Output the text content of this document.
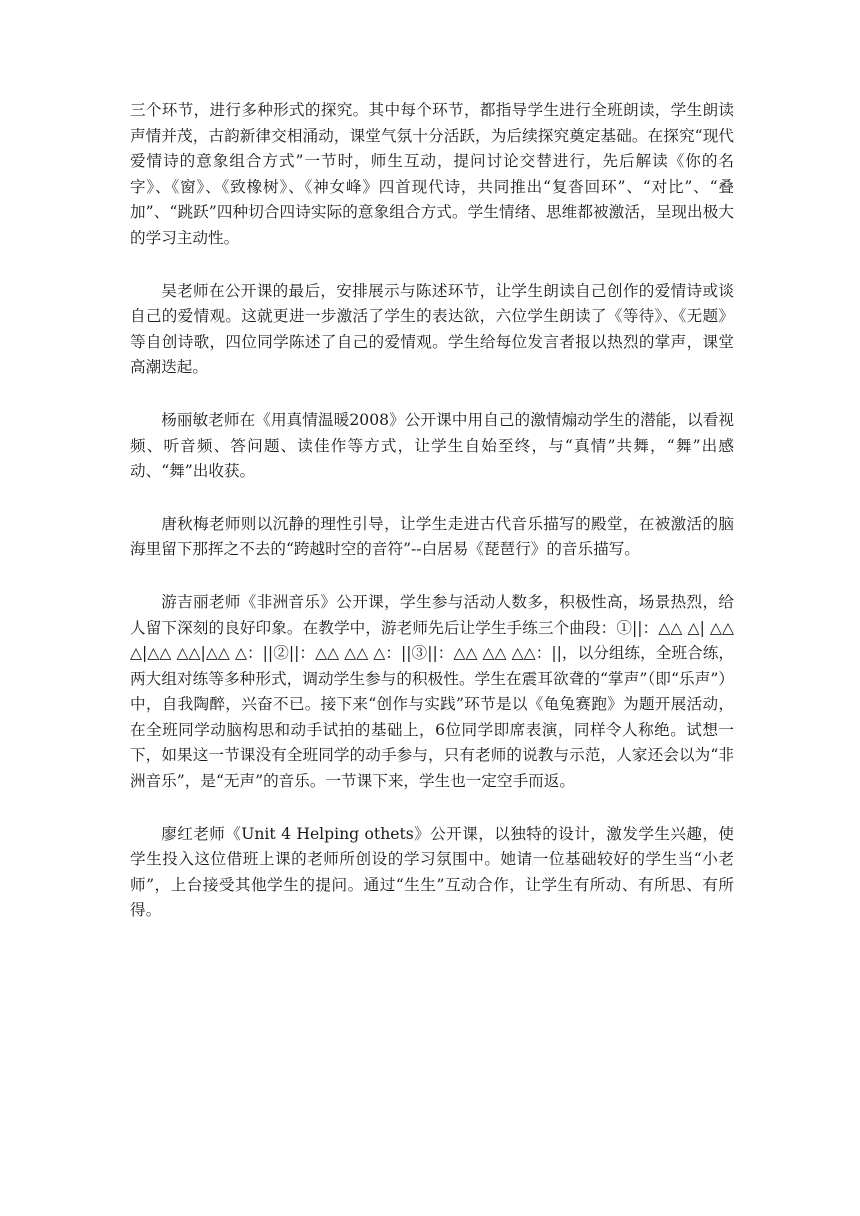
三个环节，进行多种形式的探究。其中每个环节，都指导学生进行全班朗读，学生朗读声情并茂，古韵新律交相涌动，课堂气氛十分活跃，为后续探究奠定基础。在探究“现代爱情诗的意象组合方式”一节时，师生互动，提问讨论交替进行，先后解读《你的名字》、《窗》、《致橡树》、《神女峰》四首现代诗，共同推出“复沓回环”、“对比”、“叠加”、“跳跃”四种切合四诗实际的意象组合方式。学生情绪、思维都被激活，呈现出极大的学习主动性。

吴老师在公开课的最后，安排展示与陈述环节，让学生朗读自己创作的爱情诗或谈自己的爱情观。这就更进一步激活了学生的表达欲，六位学生朗读了《等待》、《无题》等自创诗歌，四位同学陈述了自己的爱情观。学生给每位发言者报以热烈的掌声，课堂高潮迭起。

杨丽敏老师在《用真情温暖2008》公开课中用自己的激情煽动学生的潜能，以看视频、听音频、答问题、读佳作等方式，让学生自始至终，与“真情”共舞，“舞”出感动、“舞”出收获。

唐秋梅老师则以沉静的理性引导，让学生走进古代音乐描写的殿堂，在被激活的脑海里留下那挥之不去的“跨越时空的音符”--白居易《琵琶行》的音乐描写。

游吉丽老师《非洲音乐》公开课，学生参与活动人数多，积极性高，场景热烈，给人留下深刻的良好印象。在教学中，游老师先后让学生手练三个曲段：①||：△△ △| △△ △|△△ △△|△△ △：||②||：△△ △△ △：||③||：△△ △△ △△：||，以分组练，全班合练，两大组对练等多种形式，调动学生参与的积极性。学生在震耳欲聋的“掌声”（即“乐声”）中，自我陶醉，兴奋不已。接下来“创作与实践”环节是以《龟兔赛跑》为题开展活动，在全班同学动脑构思和动手试拍的基础上，6位同学即席表演，同样令人称绝。试想一下，如果这一节课没有全班同学的动手参与，只有老师的说教与示范，人家还会以为“非洲音乐”，是“无声”的音乐。一节课下来，学生也一定空手而返。

廖红老师《Unit 4 Helping othets》公开课，以独特的设计，激发学生兴趣，使学生投入这位借班上课的老师所创设的学习氛围中。她请一位基础较好的学生当“小老师”，上台接受其他学生的提问。通过“生生”互动合作，让学生有所动、有所思、有所得。
